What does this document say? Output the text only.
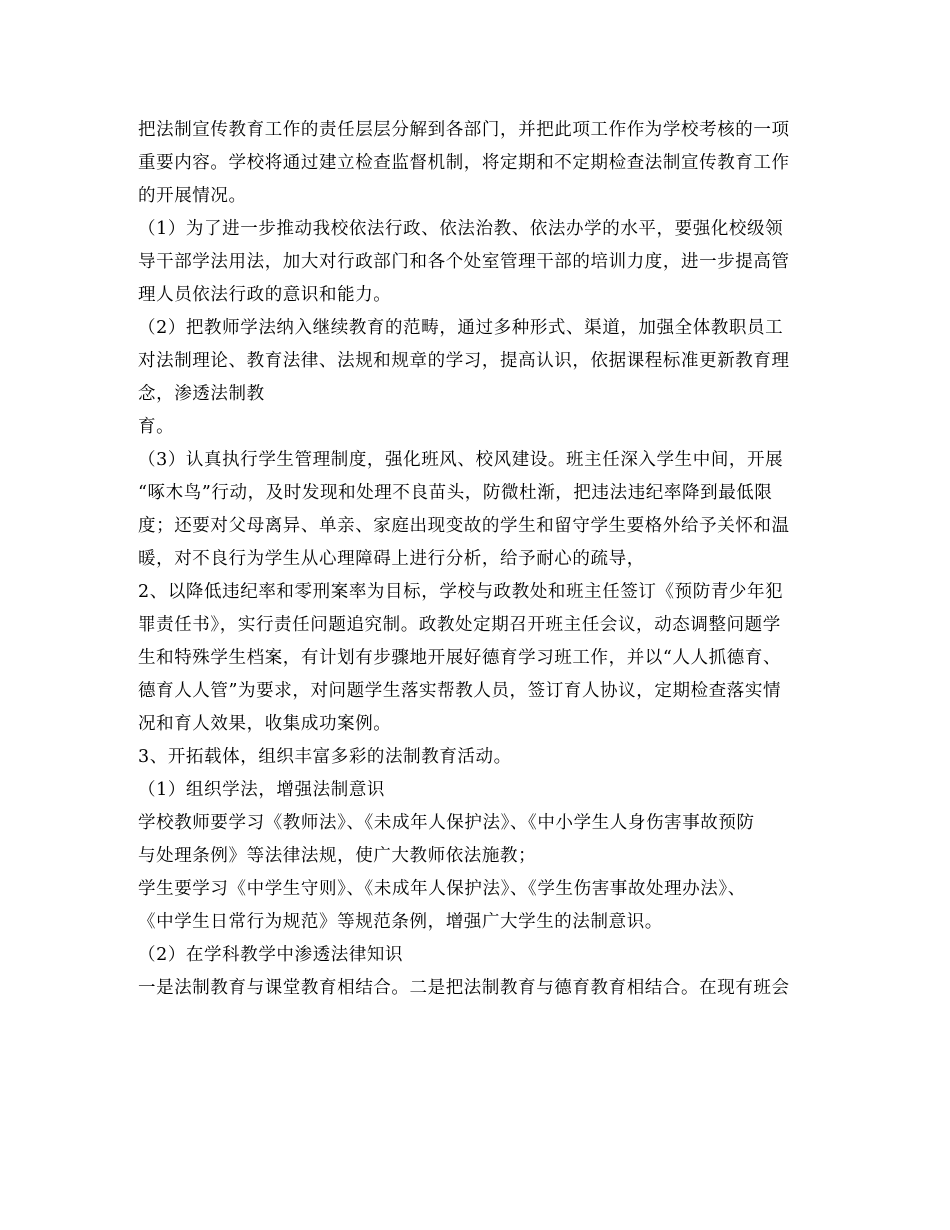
把法制宣传教育工作的责任层层分解到各部门，并把此项工作作为学校考核的一项
重要内容。学校将通过建立检查监督机制，将定期和不定期检查法制宣传教育工作
的开展情况。
（1）为了进一步推动我校依法行政、依法治教、依法办学的水平，要强化校级领
导干部学法用法，加大对行政部门和各个处室管理干部的培训力度，进一步提高管
理人员依法行政的意识和能力。
（2）把教师学法纳入继续教育的范畴，通过多种形式、渠道，加强全体教职员工
对法制理论、教育法律、法规和规章的学习，提高认识，依据课程标准更新教育理
念，渗透法制教
育。
（3）认真执行学生管理制度，强化班风、校风建设。班主任深入学生中间，开展
“啄木鸟”行动，及时发现和处理不良苗头，防微杜渐，把违法违纪率降到最低限
度；还要对父母离异、单亲、家庭出现变故的学生和留守学生要格外给予关怀和温
暖，对不良行为学生从心理障碍上进行分析，给予耐心的疏导，
2、以降低违纪率和零刑案率为目标，学校与政教处和班主任签订《预防青少年犯
罪责任书》，实行责任问题追究制。政教处定期召开班主任会议，动态调整问题学
生和特殊学生档案，有计划有步骤地开展好德育学习班工作，并以“人人抓德育、
德育人人管”为要求，对问题学生落实帮教人员，签订育人协议，定期检查落实情
况和育人效果，收集成功案例。
3、开拓载体，组织丰富多彩的法制教育活动。
（1）组织学法，增强法制意识
学校教师要学习《教师法》、《未成年人保护法》、《中小学生人身伤害事故预防
与处理条例》等法律法规，使广大教师依法施教；
学生要学习《中学生守则》、《未成年人保护法》、《学生伤害事故处理办法》、
《中学生日常行为规范》等规范条例，增强广大学生的法制意识。
（2）在学科教学中渗透法律知识
一是法制教育与课堂教育相结合。二是把法制教育与德育教育相结合。在现有班会
